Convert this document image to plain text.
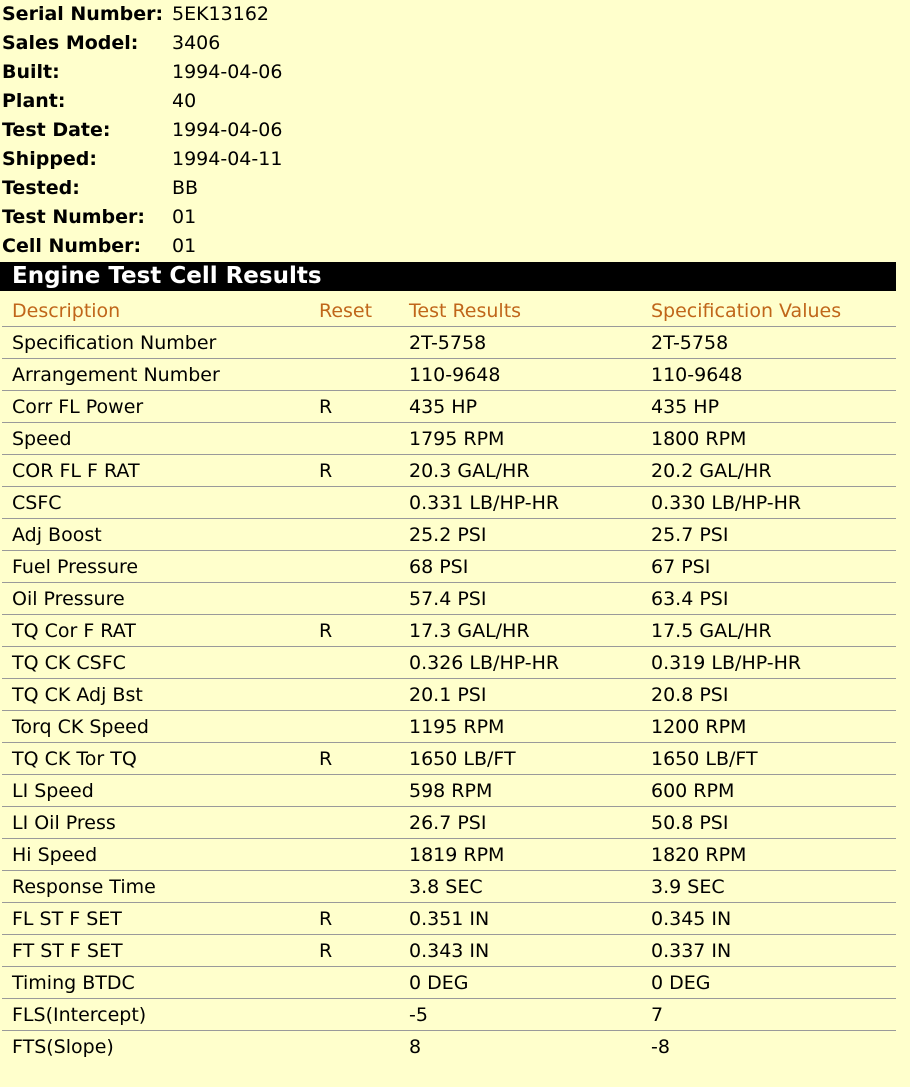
Serial Number: 5EK13162
Sales Model: 3406
Built:	1994-04-06
Plant:	40
Test Date:	1994-04-06
Shipped:	1994-04-11
Tested:	BB
Test Number: 01
Cell Number: 01
Engine Test Cell Results
Description	Reset	Test Results	Specification Values
Specification Number		2T-5758	2T-5758
Arrangement Number		110-9648	110-9648
Corr FL Power	R	435 HP	435 HP
Speed		1795 RPM	1800 RPM
COR FL F RAT	R	20.3 GAL/HR	20.2 GAL/HR
CSFC		0.331 LB/HP-HR	0.330 LB/HP-HR
Adj Boost		25.2 PSI	25.7 PSI
Fuel Pressure		68 PSI	67 PSI
Oil Pressure		57.4 PSI	63.4 PSI
TQ Cor F RAT	R	17.3 GAL/HR	17.5 GAL/HR
TQ CK CSFC		0.326 LB/HP-HR	0.319 LB/HP-HR
TQ CK Adj Bst		20.1 PSI	20.8 PSI
Torq CK Speed		1195 RPM	1200 RPM
TQ CK Tor TQ	R	1650 LB/FT	1650 LB/FT
LI Speed		598 RPM	600 RPM
LI Oil Press		26.7 PSI	50.8 PSI
Hi Speed		1819 RPM	1820 RPM
Response Time		3.8 SEC	3.9 SEC
FL ST F SET	R	0.351 IN	0.345 IN
FT ST F SET	R	0.343 IN	0.337 IN
Timing BTDC		0 DEG	0 DEG
FLS(Intercept)		-5	7
FTS(Slope)		8	-8
